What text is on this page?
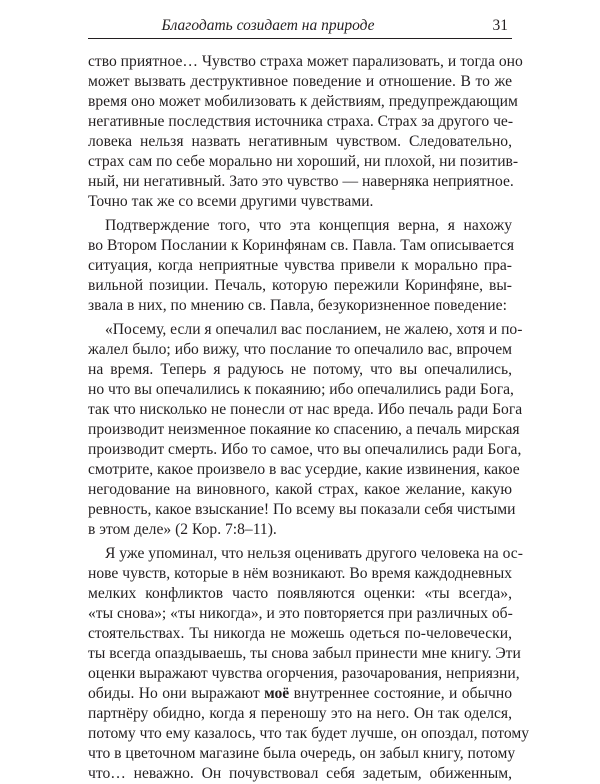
Благодать созидает на природе	31
ство приятное… Чувство страха может парализовать, и тогда оно
может вызвать деструктивное поведение и отношение. В то же
время оно может мобилизовать к действиям, предупреждающим
негативные последствия источника страха. Страх за другого че-
ловека нельзя назвать негативным чувством. Следовательно,
страх сам по себе морально ни хороший, ни плохой, ни позитив-
ный, ни негативный. Зато это чувство — наверняка неприятное.
Точно так же со всеми другими чувствами.
Подтверждение того, что эта концепция верна, я нахожу
во Втором Послании к Коринфянам св. Павла. Там описывается
ситуация, когда неприятные чувства привели к морально пра-
вильной позиции. Печаль, которую пережили Коринфяне, вы-
звала в них, по мнению св. Павла, безукоризненное поведение:
«Посему, если я опечалил вас посланием, не жалею, хотя и по-
жалел было; ибо вижу, что послание то опечалило вас, впрочем
на время. Теперь я радуюсь не потому, что вы опечалились,
но что вы опечалились к покаянию; ибо опечалились ради Бога,
так что нисколько не понесли от нас вреда. Ибо печаль ради Бога
производит неизменное покаяние ко спасению, а печаль мирская
производит смерть. Ибо то самое, что вы опечалились ради Бога,
смотрите, какое произвело в вас усердие, какие извинения, какое
негодование на виновного, какой страх, какое желание, какую
ревность, какое взыскание! По всему вы показали себя чистыми
в этом деле» (2 Кор. 7:8–11).
Я уже упоминал, что нельзя оценивать другого человека на ос-
нове чувств, которые в нём возникают. Во время каждодневных
мелких конфликтов часто появляются оценки: «ты всегда»,
«ты снова»; «ты никогда», и это повторяется при различных об-
стоятельствах. Ты никогда не можешь одеться по-человечески,
ты всегда опаздываешь, ты снова забыл принести мне книгу. Эти
оценки выражают чувства огорчения, разочарования, неприязни,
обиды. Но они выражают моё внутреннее состояние, и обычно
партнёру обидно, когда я переношу это на него. Он так оделся,
потому что ему казалось, что так будет лучше, он опоздал, потому
что в цветочном магазине была очередь, он забыл книгу, потому
что… неважно. Он почувствовал себя задетым, обиженным,
